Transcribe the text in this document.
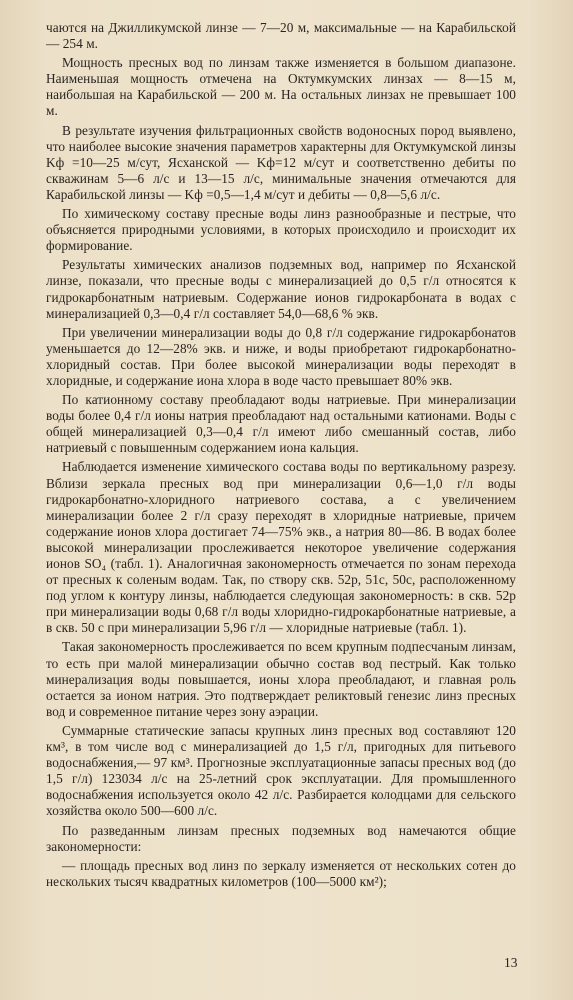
чаются на Джилликумской линзе — 7—20 м, максимальные — на Карабильской — 254 м.

Мощность пресных вод по линзам также изменяется в большом диапазоне. Наименьшая мощность отмечена на Октумкумских линзах — 8—15 м, наибольшая на Карабильской — 200 м. На остальных линзах не превышает 100 м.

В результате изучения фильтрационных свойств водоносных пород выявлено, что наиболее высокие значения параметров характерны для Октумкумской линзы Kф =10—25 м/сут, Ясханской — Kф=12 м/сут и соответственно дебиты по скважинам 5—6 л/с и 13—15 л/с, минимальные значения отмечаются для Карабильской линзы — Kф =0,5—1,4 м/сут и дебиты — 0,8—5,6 л/с.

По химическому составу пресные воды линз разнообразные и пестрые, что объясняется природными условиями, в которых происходило и происходит их формирование.

Результаты химических анализов подземных вод, например по Ясханской линзе, показали, что пресные воды с минерализацией до 0,5 г/л относятся к гидрокарбонатным натриевым. Содержание ионов гидрокарбоната в водах с минерализацией 0,3—0,4 г/л составляет 54,0—68,6 % экв.

При увеличении минерализации воды до 0,8 г/л содержание гидрокарбонатов уменьшается до 12—28% экв. и ниже, и воды приобретают гидрокарбонатно-хлоридный состав. При более высокой минерализации воды переходят в хлоридные, и содержание иона хлора в воде часто превышает 80% экв.

По катионному составу преобладают воды натриевые. При минерализации воды более 0,4 г/л ионы натрия преобладают над остальными катионами. Воды с общей минерализацией 0,3—0,4 г/л имеют либо смешанный состав, либо натриевый с повышенным содержанием иона кальция.

Наблюдается изменение химического состава воды по вертикальному разрезу. Вблизи зеркала пресных вод при минерализации 0,6—1,0 г/л воды гидрокарбонатно-хлоридного натриевого состава, а с увеличением минерализации более 2 г/л сразу переходят в хлоридные натриевые, причем содержание ионов хлора достигает 74—75% экв., а натрия 80—86. В водах более высокой минерализации прослеживается некоторое увеличение содержания ионов SO₄ (табл. 1). Аналогичная закономерность отмечается по зонам перехода от пресных к соленым водам. Так, по створу скв. 52р, 51с, 50с, расположенному под углом к контуру линзы, наблюдается следующая закономерность: в скв. 52р при минерализации воды 0,68 г/л воды хлоридно-гидрокарбонатные натриевые, а в скв. 50 с при минерализации 5,96 г/л — хлоридные натриевые (табл. 1).

Такая закономерность прослеживается по всем крупным подпесчаным линзам, то есть при малой минерализации обычно состав вод пестрый. Как только минерализация воды повышается, ионы хлора преобладают, и главная роль остается за ионом натрия. Это подтверждает реликтовый генезис линз пресных вод и современное питание через зону аэрации.

Суммарные статические запасы крупных линз пресных вод составляют 120 км³, в том числе вод с минерализацией до 1,5 г/л, пригодных для питьевого водоснабжения,— 97 км³. Прогнозные эксплуатационные запасы пресных вод (до 1,5 г/л) 123034 л/с на 25-летний срок эксплуатации. Для промышленного водоснабжения используется около 42 л/с. Разбирается колодцами для сельского хозяйства около 500—600 л/с.

По разведанным линзам пресных подземных вод намечаются общие закономерности:

— площадь пресных вод линз по зеркалу изменяется от нескольких сотен до нескольких тысяч квадратных километров (100—5000 км²);

13
